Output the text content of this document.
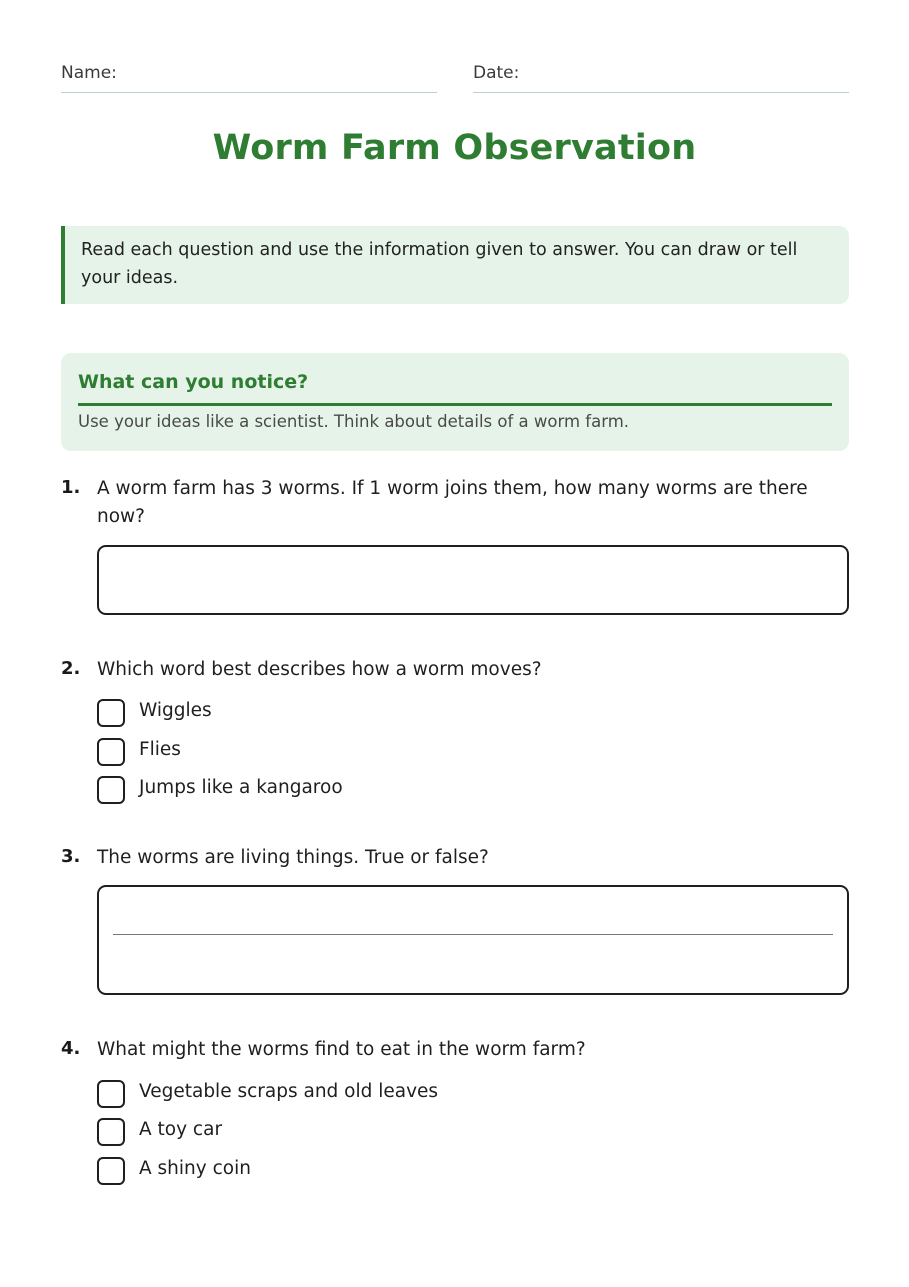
Name:	Date:
Worm Farm Observation
Read each question and use the information given to answer. You can draw or tell your ideas.
What can you notice?
Use your ideas like a scientist. Think about details of a worm farm.
1. A worm farm has 3 worms. If 1 worm joins them, how many worms are there now?
2. Which word best describes how a worm moves?
Wiggles
Flies
Jumps like a kangaroo
3. The worms are living things. True or false?
4. What might the worms find to eat in the worm farm?
Vegetable scraps and old leaves
A toy car
A shiny coin
